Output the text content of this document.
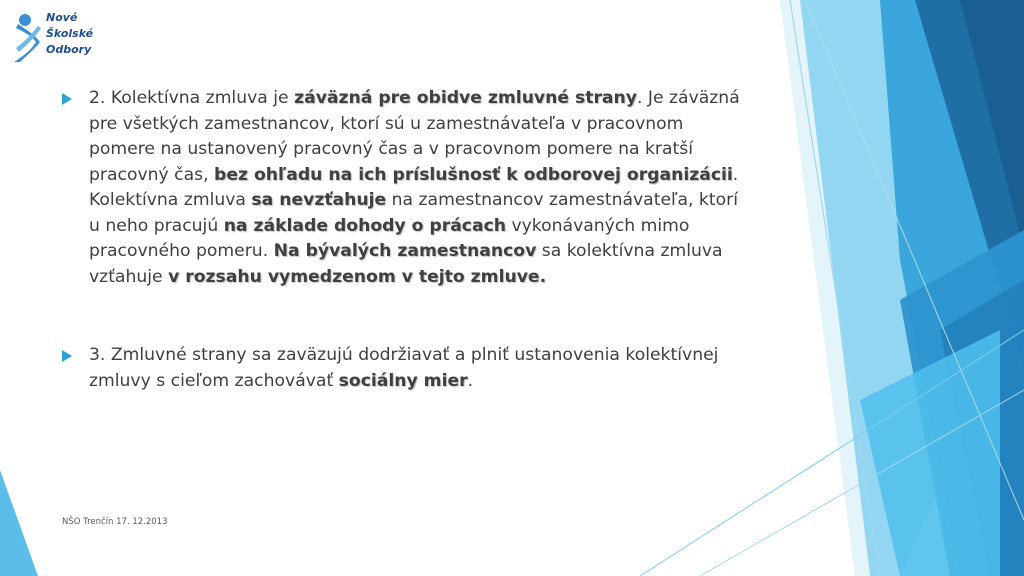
Nové
Školské
Odbory

2. Kolektívna zmluva je záväzná pre obidve zmluvné strany. Je záväzná pre všetkých zamestnancov, ktorí sú u zamestnávateľa v pracovnom pomere na ustanovený pracovný čas a v pracovnom pomere na kratší pracovný čas, bez ohľadu na ich príslušnosť k odborovej organizácii. Kolektívna zmluva sa nevzťahuje na zamestnancov zamestnávateľa, ktorí u neho pracujú na základe dohody o prácach vykonávaných mimo pracovného pomeru. Na bývalých zamestnancov sa kolektívna zmluva vzťahuje v rozsahu vymedzenom v tejto zmluve.

3. Zmluvné strany sa zaväzujú dodržiavať a plniť ustanovenia kolektívnej zmluvy s cieľom zachovávať sociálny mier.

NŠO Trenčín 17. 12.2013
